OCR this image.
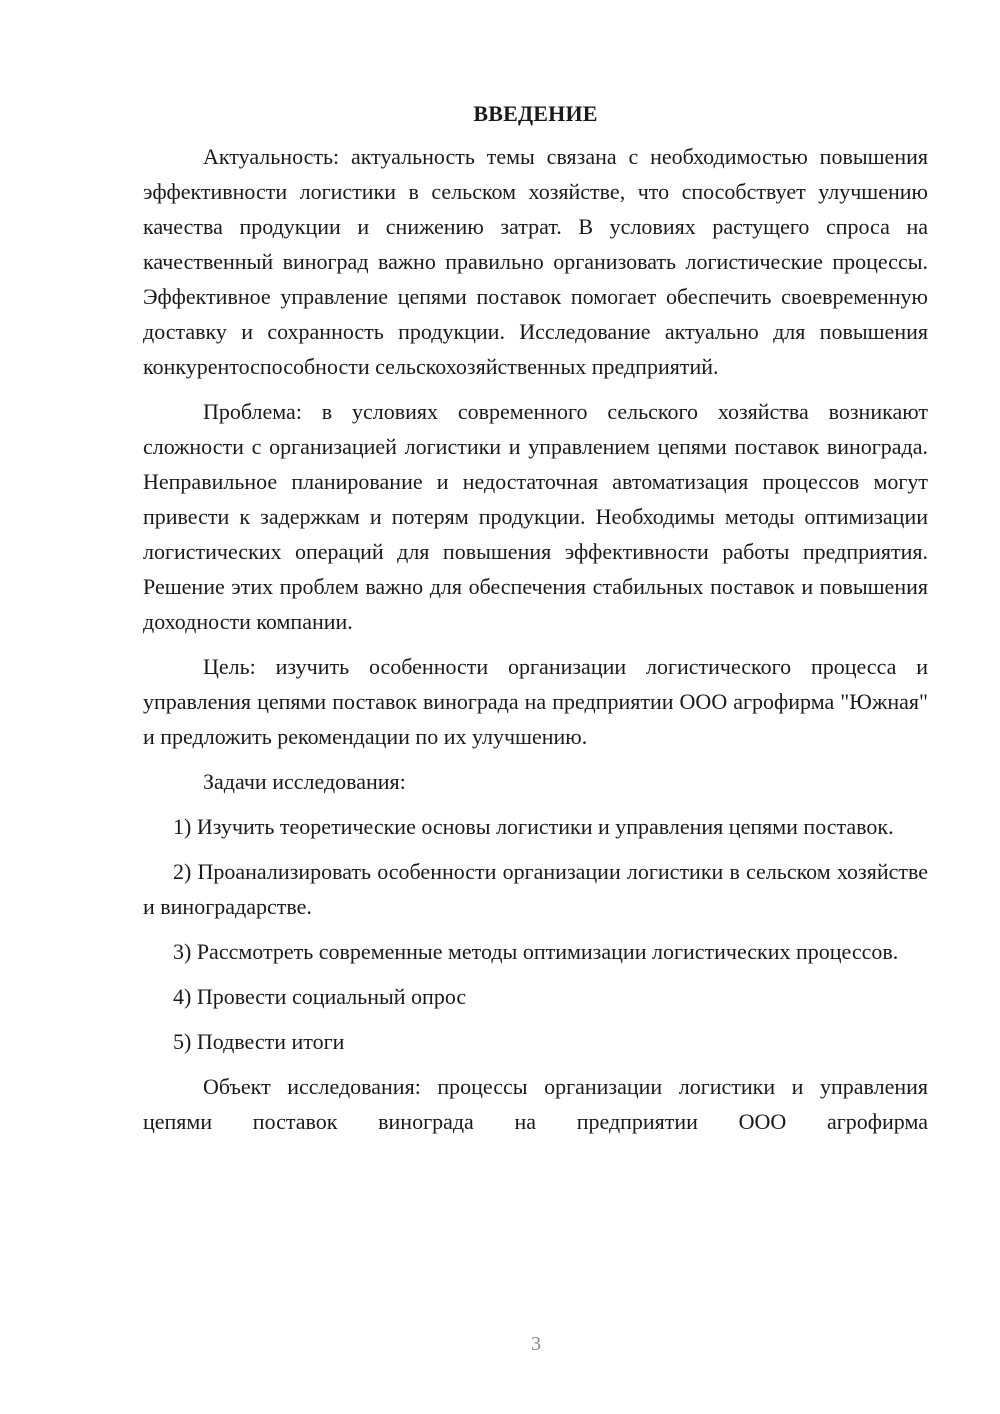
ВВЕДЕНИЕ

Актуальность: актуальность темы связана с необходимостью повышения эффективности логистики в сельском хозяйстве, что способствует улучшению качества продукции и снижению затрат. В условиях растущего спроса на качественный виноград важно правильно организовать логистические процессы. Эффективное управление цепями поставок помогает обеспечить своевременную доставку и сохранность продукции. Исследование актуально для повышения конкурентоспособности сельскохозяйственных предприятий.

Проблема: в условиях современного сельского хозяйства возникают сложности с организацией логистики и управлением цепями поставок винограда. Неправильное планирование и недостаточная автоматизация процессов могут привести к задержкам и потерям продукции. Необходимы методы оптимизации логистических операций для повышения эффективности работы предприятия. Решение этих проблем важно для обеспечения стабильных поставок и повышения доходности компании.

Цель: изучить особенности организации логистического процесса и управления цепями поставок винограда на предприятии ООО агрофирма "Южная" и предложить рекомендации по их улучшению.

Задачи исследования:

1) Изучить теоретические основы логистики и управления цепями поставок.

2) Проанализировать особенности организации логистики в сельском хозяйстве и виноградарстве.

3) Рассмотреть современные методы оптимизации логистических процессов.

4) Провести социальный опрос

5) Подвести итоги

Объект исследования: процессы организации логистики и управления цепями поставок винограда на предприятии ООО агрофирма

3
